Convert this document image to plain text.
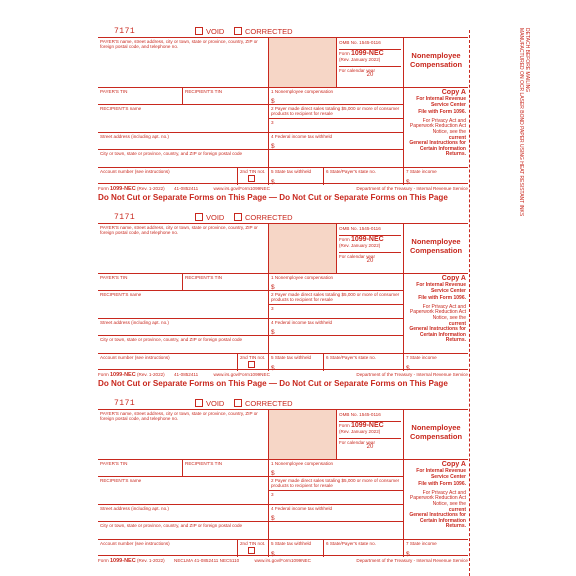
7171	VOID	CORRECTED
PAYER'S name, street address, city or town, state or province, country, ZIP or foreign postal code, and telephone no.
OMB No. 1545-0116
Form 1099-NEC
(Rev. January 2022)
For calendar year
20
Nonemployee Compensation
PAYER'S TIN	RECIPIENT'S TIN	1 Nonemployee compensation
$
Copy A
For Internal Revenue Service Center
File with Form 1096.
For Privacy Act and Paperwork Reduction Act Notice, see the
current
General Instructions for Certain Information Returns.
RECIPIENT'S name	2 Payer made direct sales totaling $5,000 or more of consumer products to recipient for resale
3
Street address (including apt. no.)	4 Federal income tax withheld
$
City or town, state or province, country, and ZIP or foreign postal code
Account number (see instructions)	2nd TIN not.	5 State tax withheld
$
6 State/Payer's state no.	7 State income
$
Form 1099-NEC (Rev. 1-2022) 41-0852411	www.irs.gov/Form1099NEC	Department of the Treasury - Internal Revenue Service
Do Not Cut or Separate Forms on This Page — Do Not Cut or Separate Forms on This Page
7171	VOID	CORRECTED
PAYER'S name, street address, city or town, state or province, country, ZIP or foreign postal code, and telephone no.
OMB No. 1545-0116
Form 1099-NEC
(Rev. January 2022)
For calendar year
20
Nonemployee Compensation
PAYER'S TIN	RECIPIENT'S TIN	1 Nonemployee compensation
$
Copy A
For Internal Revenue Service Center
File with Form 1096.
For Privacy Act and Paperwork Reduction Act Notice, see the
current
General Instructions for Certain Information Returns.
RECIPIENT'S name	2 Payer made direct sales totaling $5,000 or more of consumer products to recipient for resale
3
Street address (including apt. no.)	4 Federal income tax withheld
$
City or town, state or province, country, and ZIP or foreign postal code
Account number (see instructions)	2nd TIN not.	5 State tax withheld
$
6 State/Payer's state no.	7 State income
$
Form 1099-NEC (Rev. 1-2022) 41-0852411	www.irs.gov/Form1099NEC	Department of the Treasury - Internal Revenue Service
Do Not Cut or Separate Forms on This Page — Do Not Cut or Separate Forms on This Page
7171	VOID	CORRECTED
PAYER'S name, street address, city or town, state or province, country, ZIP or foreign postal code, and telephone no.
OMB No. 1545-0116
Form 1099-NEC
(Rev. January 2022)
For calendar year
20
Nonemployee Compensation
PAYER'S TIN	RECIPIENT'S TIN	1 Nonemployee compensation
$
Copy A
For Internal Revenue Service Center
File with Form 1096.
For Privacy Act and Paperwork Reduction Act Notice, see the
current
General Instructions for Certain Information Returns.
RECIPIENT'S name	2 Payer made direct sales totaling $5,000 or more of consumer products to recipient for resale
3
Street address (including apt. no.)	4 Federal income tax withheld
$
City or town, state or province, country, and ZIP or foreign postal code
Account number (see instructions)	2nd TIN not.	5 State tax withheld
$
6 State/Payer's state no.	7 State income
$
Form 1099-NEC (Rev. 1-2022) NECLMA 41-0852411 NEC5110	www.irs.gov/Form1099NEC	Department of the Treasury - Internal Revenue Service
DETACH BEFORE MAILING
MANUFACTURED ON OCR LASER BOND PAPER USING HEAT RESISTANT INKS
